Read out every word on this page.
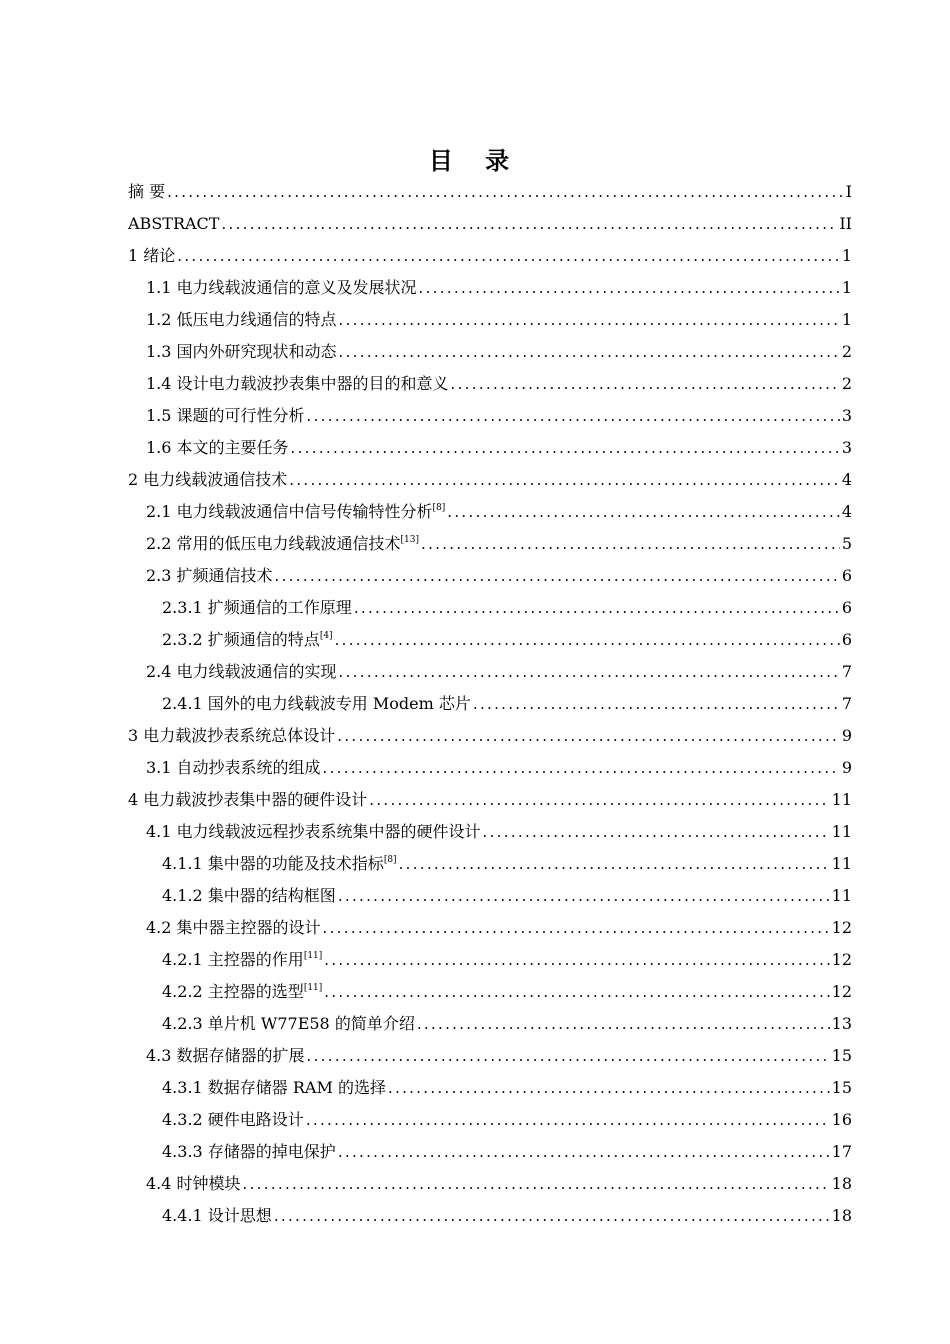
目 录
摘 要 .....	I
ABSTRACT .....	II
1 绪论 .....	1
1.1 电力线载波通信的意义及发展状况 .....	1
1.2 低压电力线通信的特点 .....	1
1.3 国内外研究现状和动态 .....	2
1.4 设计电力载波抄表集中器的目的和意义 .....	2
1.5 课题的可行性分析 .....	3
1.6 本文的主要任务 .....	3
2 电力线载波通信技术 .....	4
2.1 电力线载波通信中信号传输特性分析[8] .....	4
2.2 常用的低压电力线载波通信技术[13] .....	5
2.3 扩频通信技术 .....	6
2.3.1 扩频通信的工作原理 .....	6
2.3.2 扩频通信的特点[4] .....	6
2.4 电力线载波通信的实现 .....	7
2.4.1 国外的电力线载波专用 Modem 芯片 .....	7
3 电力载波抄表系统总体设计 .....	9
3.1 自动抄表系统的组成 .....	9
4 电力载波抄表集中器的硬件设计 .....	11
4.1 电力线载波远程抄表系统集中器的硬件设计 .....	11
4.1.1 集中器的功能及技术指标[8] .....	11
4.1.2 集中器的结构框图 .....	11
4.2 集中器主控器的设计 .....	12
4.2.1 主控器的作用[11] .....	12
4.2.2 主控器的选型[11] .....	12
4.2.3 单片机 W77E58 的简单介绍 .....	13
4.3 数据存储器的扩展 .....	15
4.3.1 数据存储器 RAM 的选择 .....	15
4.3.2 硬件电路设计 .....	16
4.3.3 存储器的掉电保护 .....	17
4.4 时钟模块 .....	18
4.4.1 设计思想 .....	18
